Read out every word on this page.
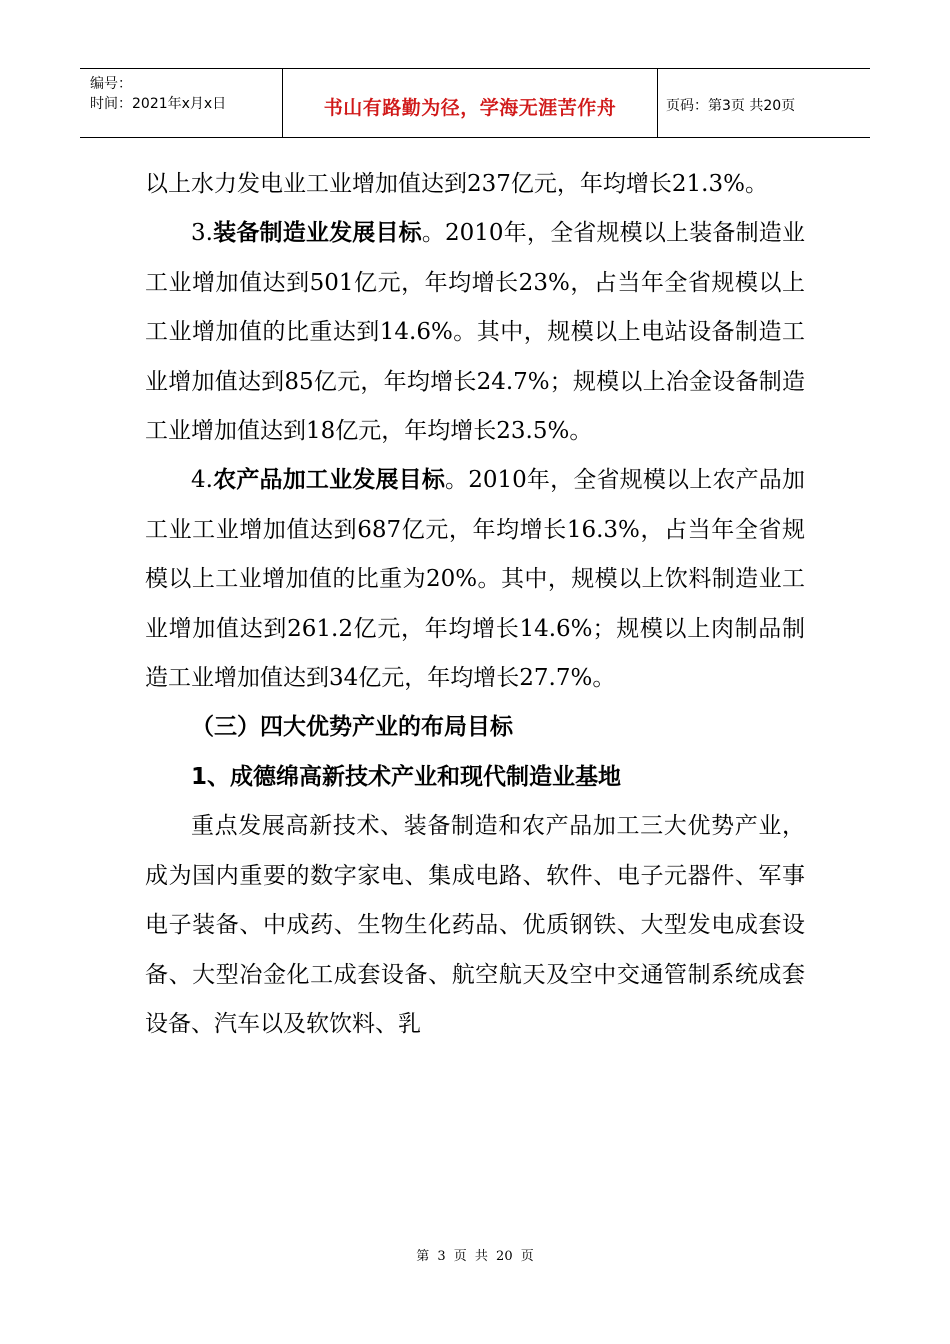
编号：
时间：2021年x月x日	书山有路勤为径，学海无涯苦作舟	页码：第3页 共20页

以上水力发电业工业增加值达到237亿元，年均增长21.3%。

3.装备制造业发展目标。2010年，全省规模以上装备制造业工业增加值达到501亿元，年均增长23%，占当年全省规模以上工业增加值的比重达到14.6%。其中，规模以上电站设备制造工业增加值达到85亿元，年均增长24.7%；规模以上冶金设备制造工业增加值达到18亿元，年均增长23.5%。

4.农产品加工业发展目标。2010年，全省规模以上农产品加工业工业增加值达到687亿元，年均增长16.3%，占当年全省规模以上工业增加值的比重为20%。其中，规模以上饮料制造业工业增加值达到261.2亿元，年均增长14.6%；规模以上肉制品制造工业增加值达到34亿元，年均增长27.7%。

（三）四大优势产业的布局目标

1、成德绵高新技术产业和现代制造业基地

重点发展高新技术、装备制造和农产品加工三大优势产业，成为国内重要的数字家电、集成电路、软件、电子元器件、军事电子装备、中成药、生物生化药品、优质钢铁、大型发电成套设备、大型冶金化工成套设备、航空航天及空中交通管制系统成套设备、汽车以及软饮料、乳

第 3 页 共 20 页
